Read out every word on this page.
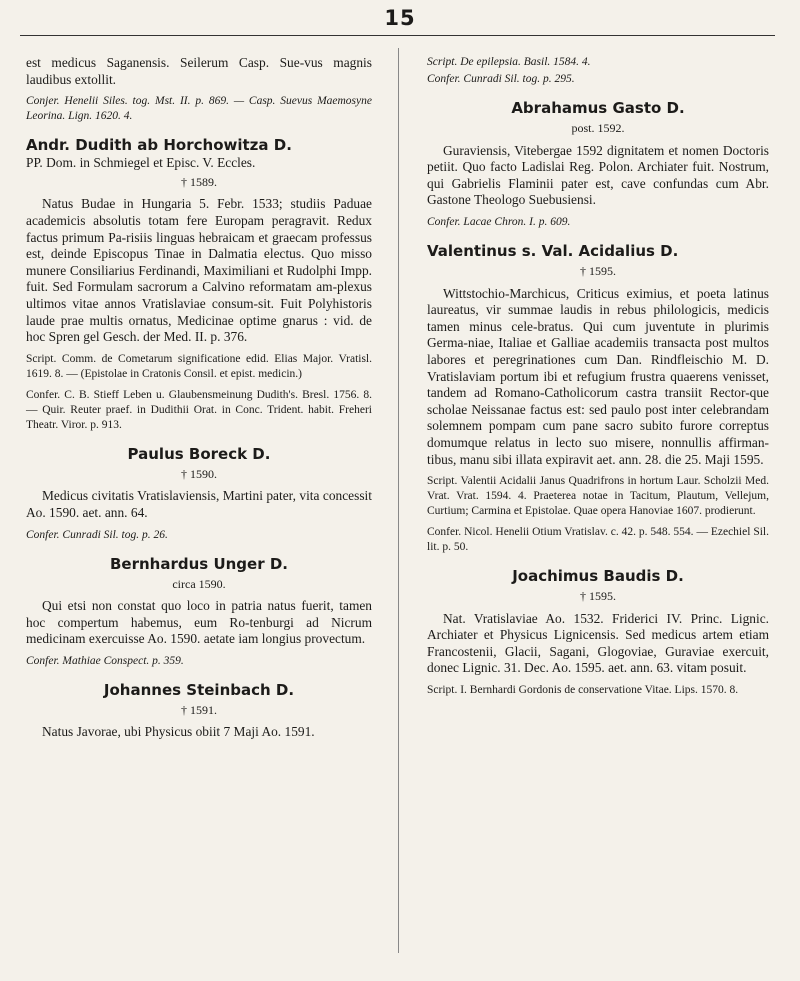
15

est medicus Saganensis. Seilerum Casp. Sue-vus magnis laudibus extollit.

Conjer. Henelii Siles. tog. Mst. II. p. 869. — Casp. Suevus Maemosyne Leorina. Lign. 1620. 4.

Andr. Dudith ab Horchowitza D.

PP. Dom. in Schmiegel et Episc. V. Eccles.

† 1589.

Natus Budae in Hungaria 5. Febr. 1533; studiis Paduae academicis absolutis totam fere Europam peragravit. Redux factus primum Pa-risiis linguas hebraicam et graecam professus est, deinde Episcopus Tinae in Dalmatia electus. Quo misso munere Consiliarius Ferdinandi, Maximiliani et Rudolphi Impp. fuit. Sed Formulam sacrorum a Calvino reformatam am-plexus ultimos vitae annos Vratislaviae consum-sit. Fuit Polyhistoris laude prae multis ornatus, Medicinae optime gnarus : vid. de hoc Spren gel Gesch. der Med. II. p. 376.

Script. Comm. de Cometarum significatione edid. Elias Major. Vratisl. 1619. 8. — (Epistolae in Cratonis Consil. et epist. medicin.)

Confer. C. B. Stieff Leben u. Glaubensmeinung Dudith's. Bresl. 1756. 8. — Quir. Reuter praef. in Dudithii Orat. in Conc. Trident. habit. Freheri Theatr. Viror. p. 913.

Paulus Boreck D.

† 1590.

Medicus civitatis Vratislaviensis, Martini pater, vita concessit Ao. 1590. aet. ann. 64.

Confer. Cunradi Sil. tog. p. 26.

Bernhardus Unger D.

circa 1590.

Qui etsi non constat quo loco in patria natus fuerit, tamen hoc compertum habemus, eum Ro-tenburgi ad Nicrum medicinam exercuisse Ao. 1590. aetate iam longius provectum.

Confer. Mathiae Conspect. p. 359.

Johannes Steinbach D.

† 1591.

Natus Javorae, ubi Physicus obiit 7 Maji Ao. 1591.

Script. De epilepsia. Basil. 1584. 4.

Confer. Cunradi Sil. tog. p. 295.

Abrahamus Gasto D.

post. 1592.

Guraviensis, Vitebergae 1592 dignitatem et nomen Doctoris petiit. Quo facto Ladislai Reg. Polon. Archiater fuit. Nostrum, qui Gabrielis Flaminii pater est, cave confundas cum Abr. Gastone Theologo Suebusiensi.

Confer. Lacae Chron. I. p. 609.

Valentinus s. Val. Acidalius D.

† 1595.

Wittstochio-Marchicus, Criticus eximius, et poeta latinus laureatus, vir summae laudis in rebus philologicis, medicis tamen minus cele-bratus. Qui cum juventute in plurimis Germa-niae, Italiae et Galliae academiis transacta post multos labores et peregrinationes cum Dan. Rindfleischio M. D. Vratislaviam portum ibi et refugium frustra quaerens venisset, tandem ad Romano-Catholicorum castra transiit Rector-que scholae Neissanae factus est: sed paulo post inter celebrandam solemnem pompam cum pane sacro subito furore correptus domumque relatus in lecto suo misere, nonnullis affirman-tibus, manu sibi illata expiravit aet. ann. 28. die 25. Maji 1595.

Script. Valentii Acidalii Janus Quadrifrons in hortum Laur. Scholzii Med. Vrat. Vrat. 1594. 4. Praeterea notae in Tacitum, Plautum, Vellejum, Curtium; Carmina et Epistolae. Quae opera Hanoviae 1607. prodierunt.

Confer. Nicol. Henelii Otium Vratislav. c. 42. p. 548. 554. — Ezechiel Sil. lit. p. 50.

Joachimus Baudis D.

† 1595.

Nat. Vratislaviae Ao. 1532. Friderici IV. Princ. Lignic. Archiater et Physicus Lignicensis. Sed medicus artem etiam Francostenii, Glacii, Sagani, Glogoviae, Guraviae exercuit, donec Lignic. 31. Dec. Ao. 1595. aet. ann. 63. vitam posuit.

Script. I. Bernhardi Gordonis de conservatione Vitae. Lips. 1570. 8.
